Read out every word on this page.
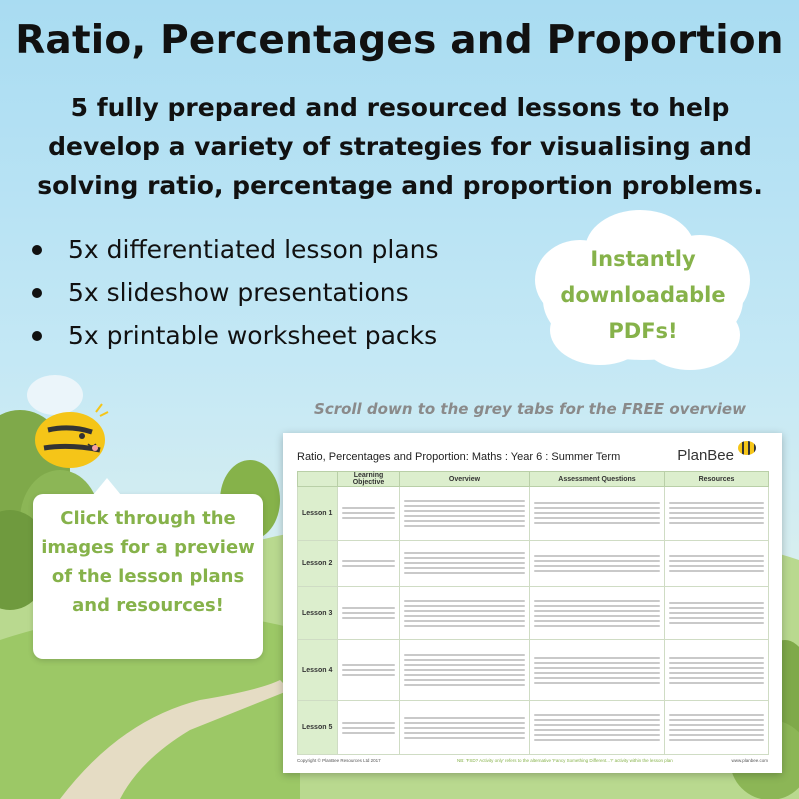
Ratio, Percentages and Proportion
5 fully prepared and resourced lessons to help develop a variety of strategies for visualising and solving ratio, percentage and proportion problems.
5x differentiated lesson plans
5x slideshow presentations
5x printable worksheet packs
Instantly downloadable PDFs!
Scroll down to the grey tabs for the FREE overview
Click through the images for a preview of the lesson plans and resources!
Ratio, Percentages and Proportion: Maths : Year 6 : Summer Term	PlanBee
	Learning Objective	Overview	Assessment Questions	Resources
Lesson 1	

Lesson 2	

Lesson 3	

Lesson 4	

Lesson 5	

Copyright © PlanBee Resources Ltd 2017	NB: 'FSD? Activity only' refers to the alternative 'Fancy Something Different...?' activity within the lesson plan	www.planbee.com
